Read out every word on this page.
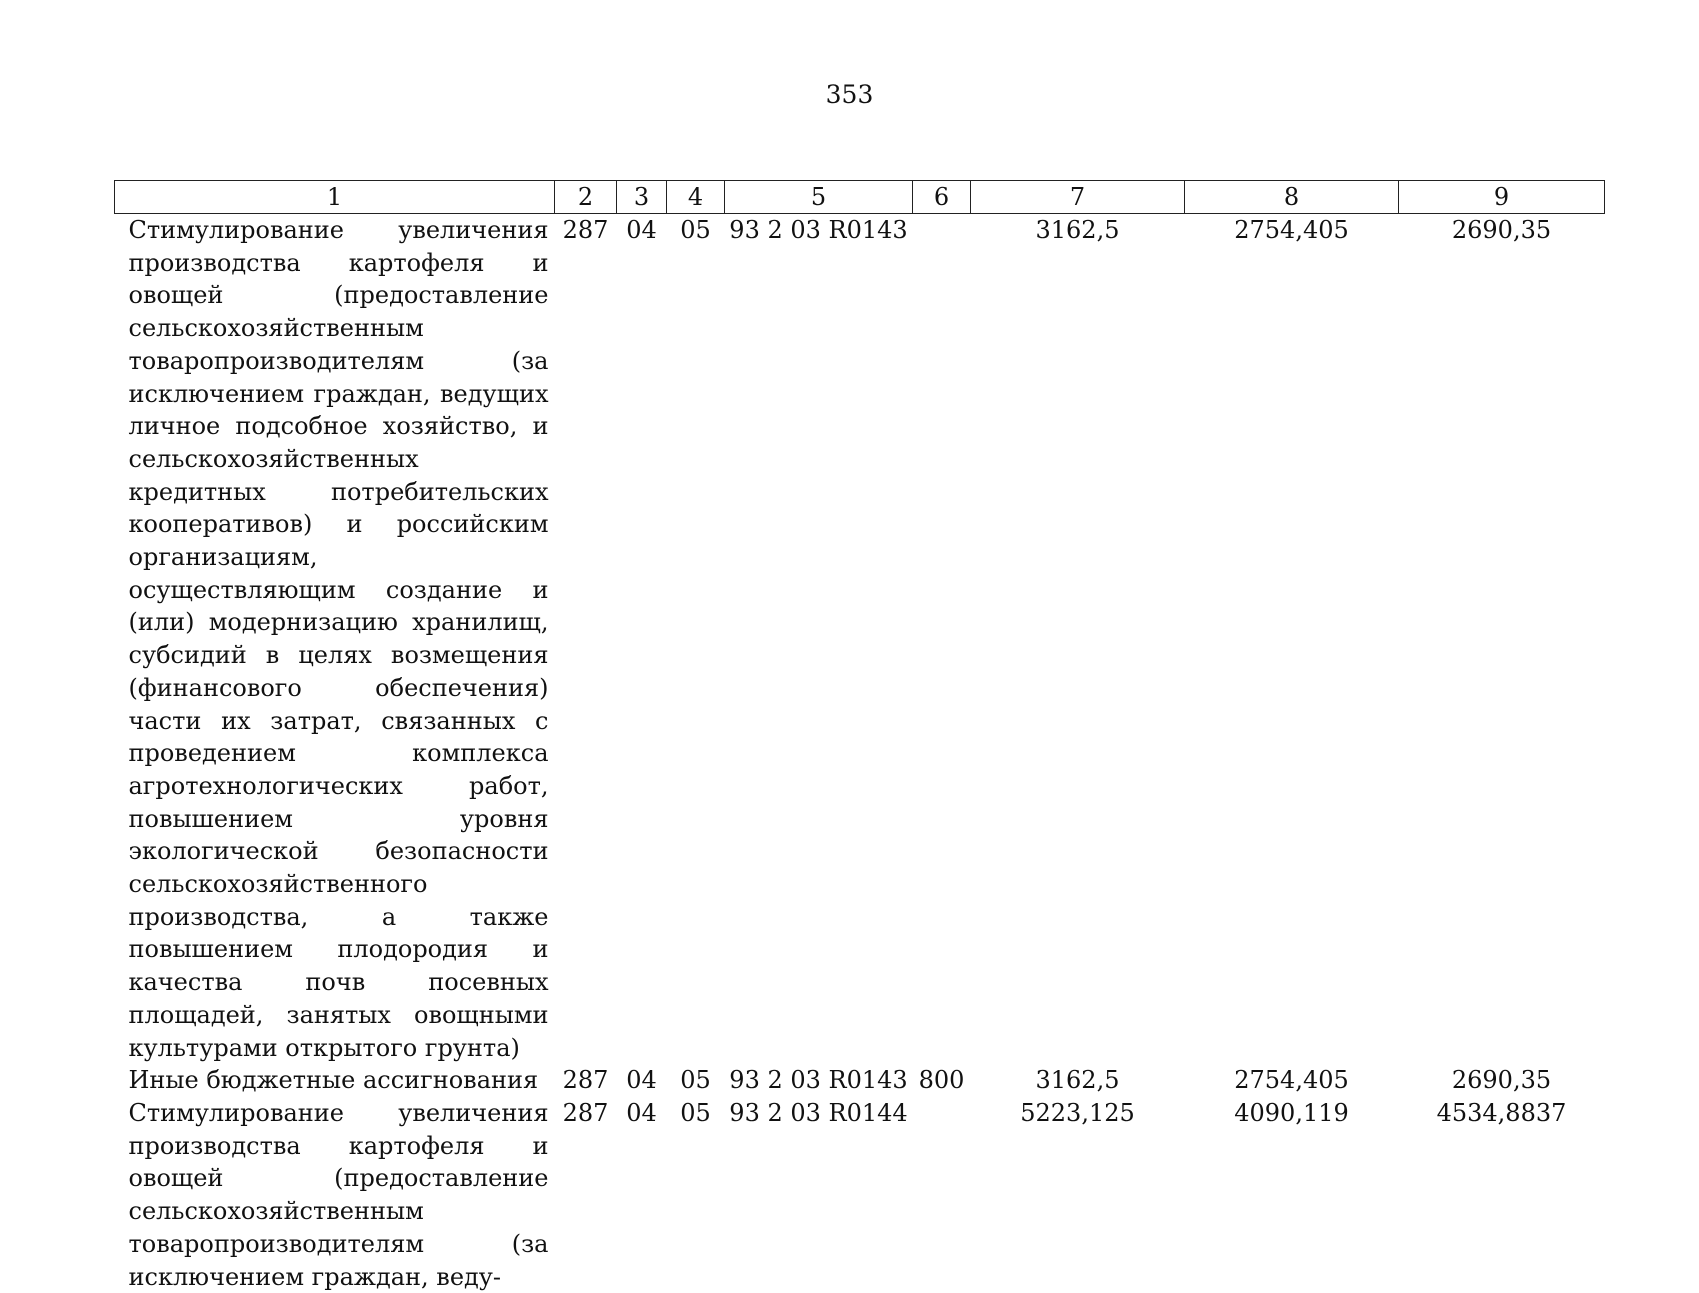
353
1	2	3	4	5	6	7	8	9
Стимулирование увеличения производства картофеля и овощей (предоставление сельскохозяйственным товаропроизводителям (за исключением граждан, ведущих личное подсобное хозяйство, и сельскохозяйственных кредитных потребительских кооперативов) и российским организациям, осуществляющим создание и (или) модернизацию хранилищ, субсидий в целях возмещения (финансового обеспечения) части их затрат, связанных с проведением комплекса агротехнологических работ, повышением уровня экологической безопасности сельскохозяйственного производства, а также повышением плодородия и качества почв посевных площадей, занятых овощными культурами открытого грунта)	287	04	05	93 2 03 R0143		3162,5	2754,405	2690,35
Иные бюджетные ассигнования	287	04	05	93 2 03 R0143	800	3162,5	2754,405	2690,35
Стимулирование увеличения производства картофеля и овощей (предоставление сельскохозяйственным товаропроизводителям (за исключением граждан, веду-	287	04	05	93 2 03 R0144		5223,125	4090,119	4534,8837
